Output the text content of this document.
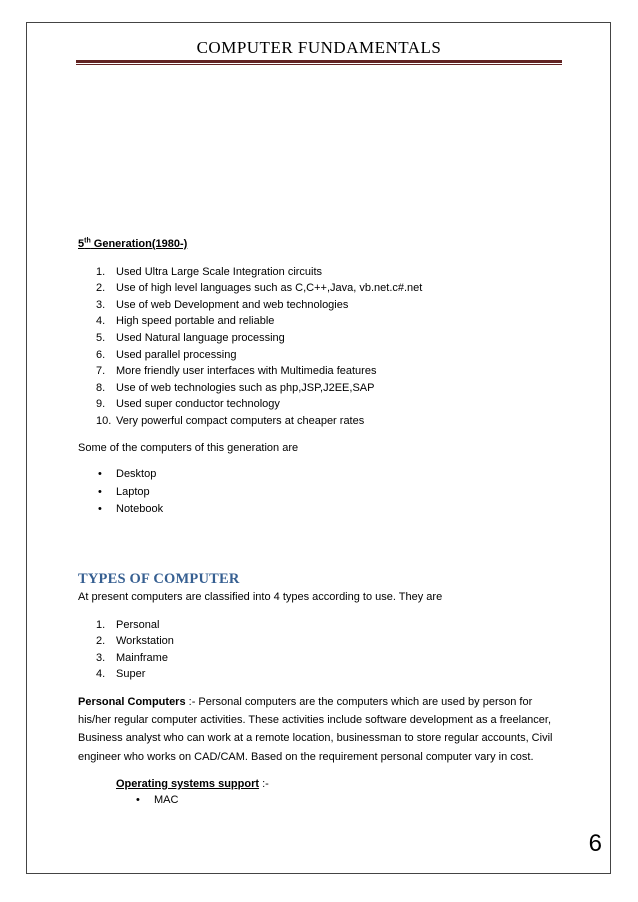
COMPUTER FUNDAMENTALS
5th Generation(1980-)
1. Used Ultra Large Scale Integration circuits
2. Use of high level languages such as C,C++,Java, vb.net.c#.net
3. Use of web Development and web technologies
4. High speed portable and reliable
5. Used Natural language processing
6. Used parallel processing
7. More friendly user interfaces with Multimedia features
8. Use of web technologies such as php,JSP,J2EE,SAP
9. Used super conductor technology
10. Very powerful compact computers at cheaper rates

Some of the computers of this generation are

• Desktop
• Laptop
• Notebook
TYPES OF COMPUTER

At present computers are classified into 4 types according to use. They are

1. Personal
2. Workstation
3. Mainframe
4. Super

Personal Computers :- Personal computers are the computers which are used by person for his/her regular computer activities. These activities include software development as a freelancer, Business analyst who can work at a remote location, businessman to store regular accounts, Civil engineer who works on CAD/CAM. Based on the requirement personal computer vary in cost.

Operating systems support :-
• MAC
6
